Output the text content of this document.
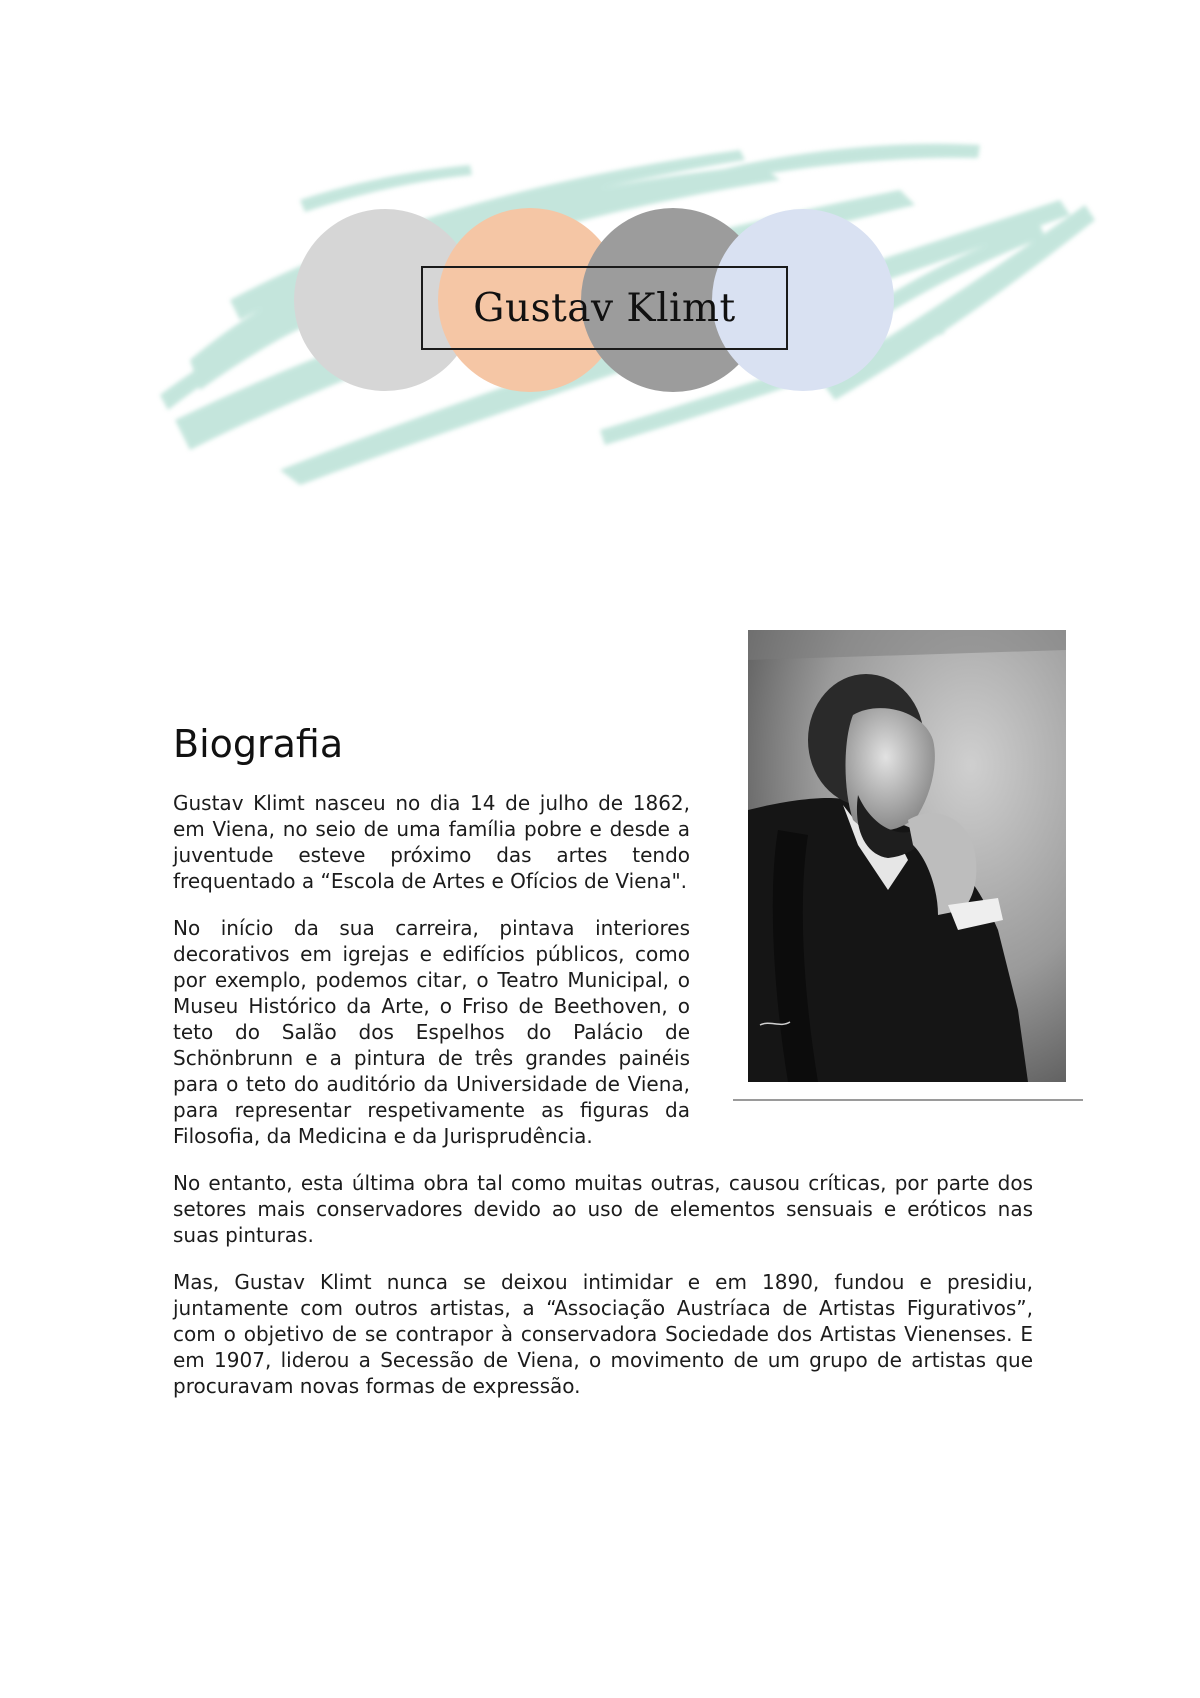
Gustav Klimt
Biografia

Gustav Klimt nasceu no dia 14 de julho de 1862, em Viena, no seio de uma família pobre e desde a juventude esteve próximo das artes tendo frequentado a “Escola de Artes e Ofícios de Viena".

No início da sua carreira, pintava interiores decorativos em igrejas e edifícios públicos, como por exemplo, podemos citar, o Teatro Municipal, o Museu Histórico da Arte, o Friso de Beethoven, o teto do Salão dos Espelhos do Palácio de Schönbrunn e a pintura de três grandes painéis para o teto do auditório da Universidade de Viena, para representar respetivamente as figuras da Filosofia, da Medicina e da Jurisprudência.

No entanto, esta última obra tal como muitas outras, causou críticas, por parte dos setores mais conservadores devido ao uso de elementos sensuais e eróticos nas suas pinturas.

Mas, Gustav Klimt nunca se deixou intimidar e em 1890, fundou e presidiu, juntamente com outros artistas, a “Associação Austríaca de Artistas Figurativos”, com o objetivo de se contrapor à conservadora Sociedade dos Artistas Vienenses. E em 1907, liderou a Secessão de Viena, o movimento de um grupo de artistas que procuravam novas formas de expressão.
